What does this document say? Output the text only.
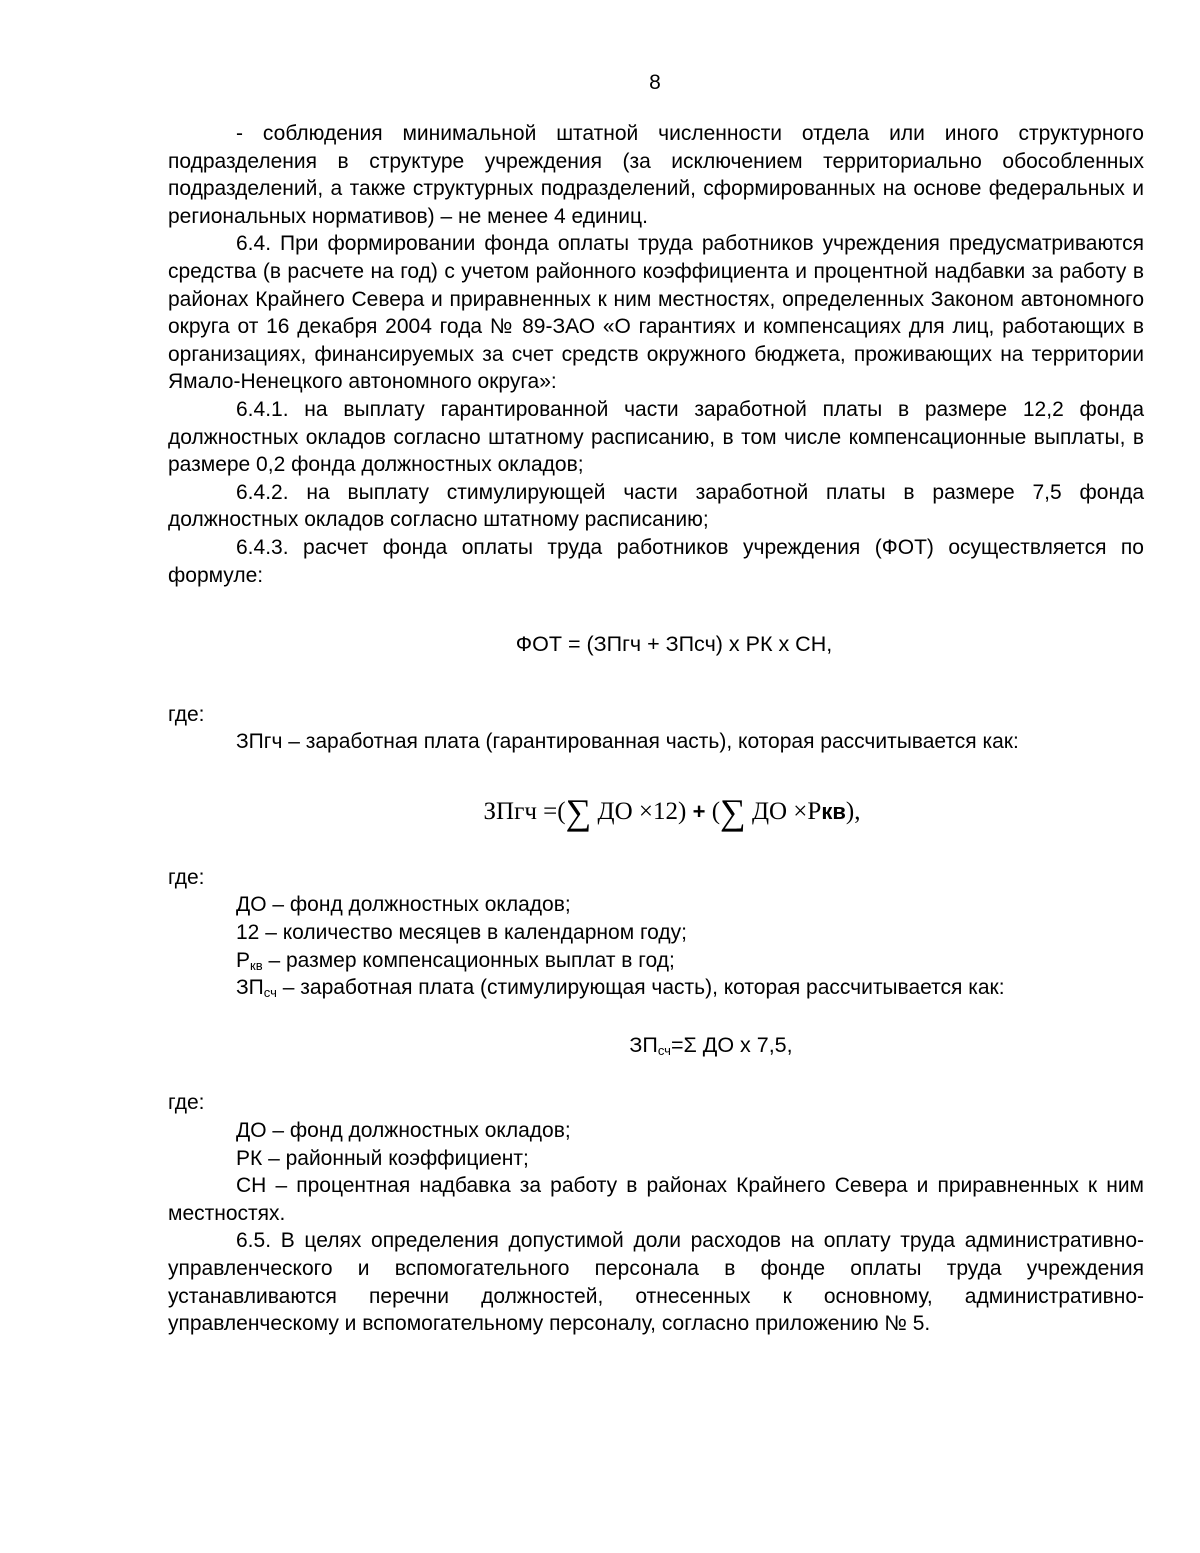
8

- соблюдения минимальной штатной численности отдела или иного структурного подразделения в структуре учреждения (за исключением территориально обособленных подразделений, а также структурных подразделений, сформированных на основе федеральных и региональных нормативов) – не менее 4 единиц.

6.4. При формировании фонда оплаты труда работников учреждения предусматриваются средства (в расчете на год) с учетом районного коэффициента и процентной надбавки за работу в районах Крайнего Севера и приравненных к ним местностях, определенных Законом автономного округа от 16 декабря 2004 года № 89-ЗАО «О гарантиях и компенсациях для лиц, работающих в организациях, финансируемых за счет средств окружного бюджета, проживающих на территории Ямало-Ненецкого автономного округа»:

6.4.1. на выплату гарантированной части заработной платы в размере 12,2 фонда должностных окладов согласно штатному расписанию, в том числе компенсационные выплаты, в размере 0,2 фонда должностных окладов;

6.4.2. на выплату стимулирующей части заработной платы в размере 7,5 фонда должностных окладов согласно штатному расписанию;

6.4.3. расчет фонда оплаты труда работников учреждения (ФОТ) осуществляется по формуле:

ФОТ = (ЗПгч + ЗПсч) х РК х СН,

где:

ЗПгч – заработная плата (гарантированная часть), которая рассчитывается как:

ЗПгч =(∑ ДО ×12) + (∑ ДО ×Ркв),

где:

ДО – фонд должностных окладов;

12 – количество месяцев в календарном году;

$Р_{кв}$ – размер компенсационных выплат в год;

$ЗП_{сч}$ – заработная плата (стимулирующая часть), которая рассчитывается как:

$ЗП_{сч}=\Sigma$ ДО х 7,5,

где:

ДО – фонд должностных окладов;

РК – районный коэффициент;

СН – процентная надбавка за работу в районах Крайнего Севера и приравненных к ним местностях.

6.5. В целях определения допустимой доли расходов на оплату труда административно-управленческого и вспомогательного персонала в фонде оплаты труда учреждения устанавливаются перечни должностей, отнесенных к основному, административно-управленческому и вспомогательному персоналу, согласно приложению № 5.
